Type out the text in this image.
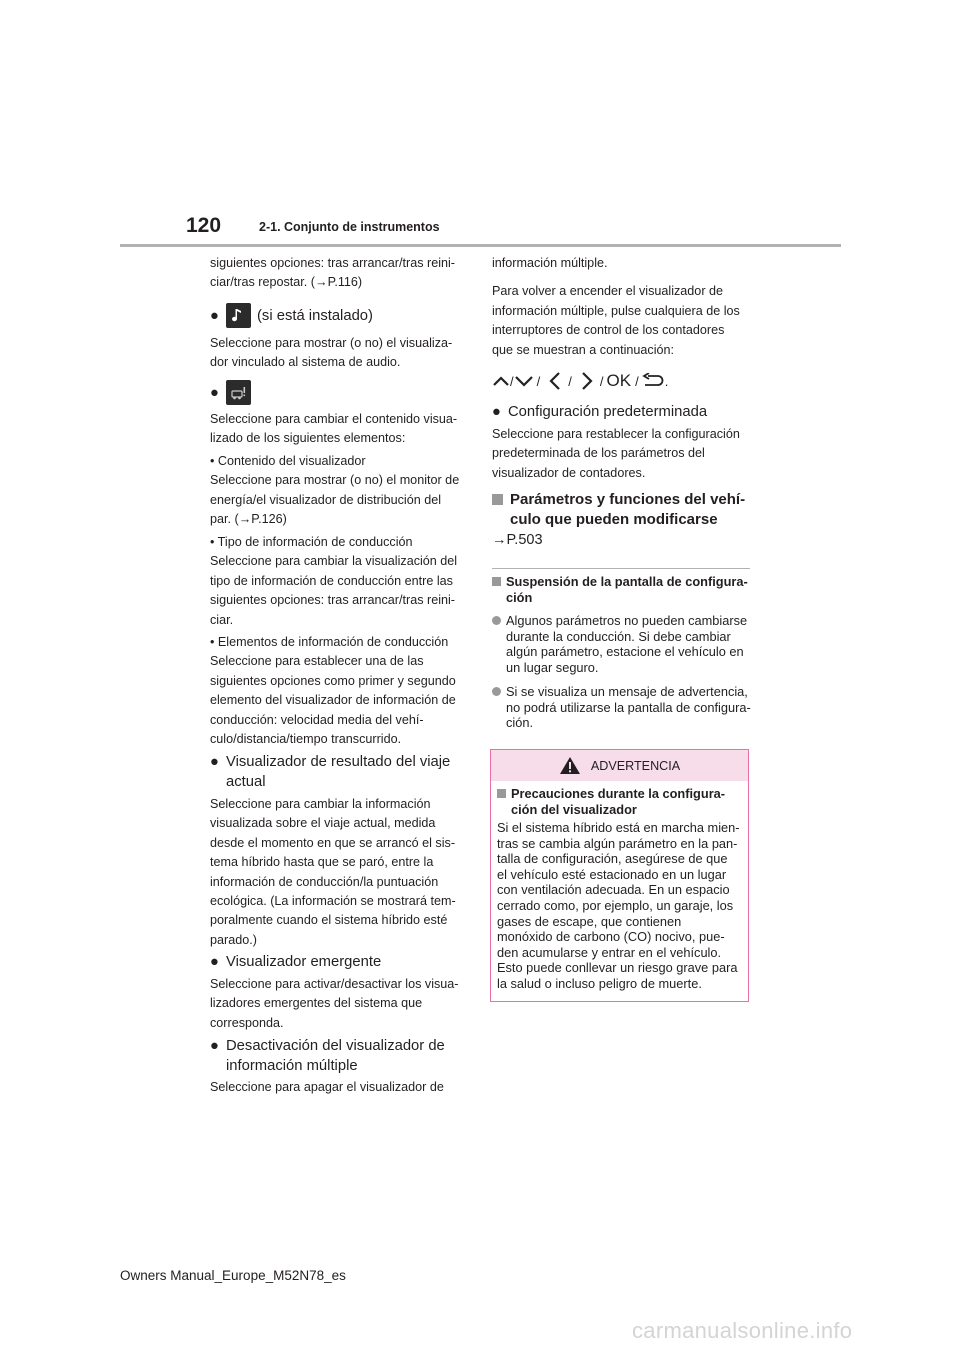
120	2-1. Conjunto de instrumentos
siguientes opciones: tras arrancar/tras reini-
ciar/tras repostar. (→P.116)
●	(si está instalado)
Seleccione para mostrar (o no) el visualiza-
dor vinculado al sistema de audio.
●
Seleccione para cambiar el contenido visua-
lizado de los siguientes elementos:
• Contenido del visualizador
Seleccione para mostrar (o no) el monitor de
energía/el visualizador de distribución del
par. (→P.126)
• Tipo de información de conducción
Seleccione para cambiar la visualización del
tipo de información de conducción entre las
siguientes opciones: tras arrancar/tras reini-
ciar.
• Elementos de información de conducción
Seleccione para establecer una de las
siguientes opciones como primer y segundo
elemento del visualizador de información de
conducción: velocidad media del vehí-
culo/distancia/tiempo transcurrido.
● Visualizador de resultado del viaje
actual
Seleccione para cambiar la información
visualizada sobre el viaje actual, medida
desde el momento en que se arrancó el sis-
tema híbrido hasta que se paró, entre la
información de conducción/la puntuación
ecológica. (La información se mostrará tem-
poralmente cuando el sistema híbrido esté
parado.)
● Visualizador emergente
Seleccione para activar/desactivar los visua-
lizadores emergentes del sistema que
corresponda.
● Desactivación del visualizador de
información múltiple
Seleccione para apagar el visualizador de
información múltiple.
Para volver a encender el visualizador de
información múltiple, pulse cualquiera de los
interruptores de control de los contadores
que se muestran a continuación:
/ / / / OK / .
● Configuración predeterminada
Seleccione para restablecer la configuración
predeterminada de los parámetros del
visualizador de contadores.
Parámetros y funciones del vehí-
culo que pueden modificarse
→P.503
Suspensión de la pantalla de configura-
ción
Algunos parámetros no pueden cambiarse
durante la conducción. Si debe cambiar
algún parámetro, estacione el vehículo en
un lugar seguro.
Si se visualiza un mensaje de advertencia,
no podrá utilizarse la pantalla de configura-
ción.
ADVERTENCIA
Precauciones durante la configura-
ción del visualizador
Si el sistema híbrido está en marcha mien-
tras se cambia algún parámetro en la pan-
talla de configuración, asegúrese de que
el vehículo esté estacionado en un lugar
con ventilación adecuada. En un espacio
cerrado como, por ejemplo, un garaje, los
gases de escape, que contienen
monóxido de carbono (CO) nocivo, pue-
den acumularse y entrar en el vehículo.
Esto puede conllevar un riesgo grave para
la salud o incluso peligro de muerte.
Owners Manual_Europe_M52N78_es
carmanualsonline.info
